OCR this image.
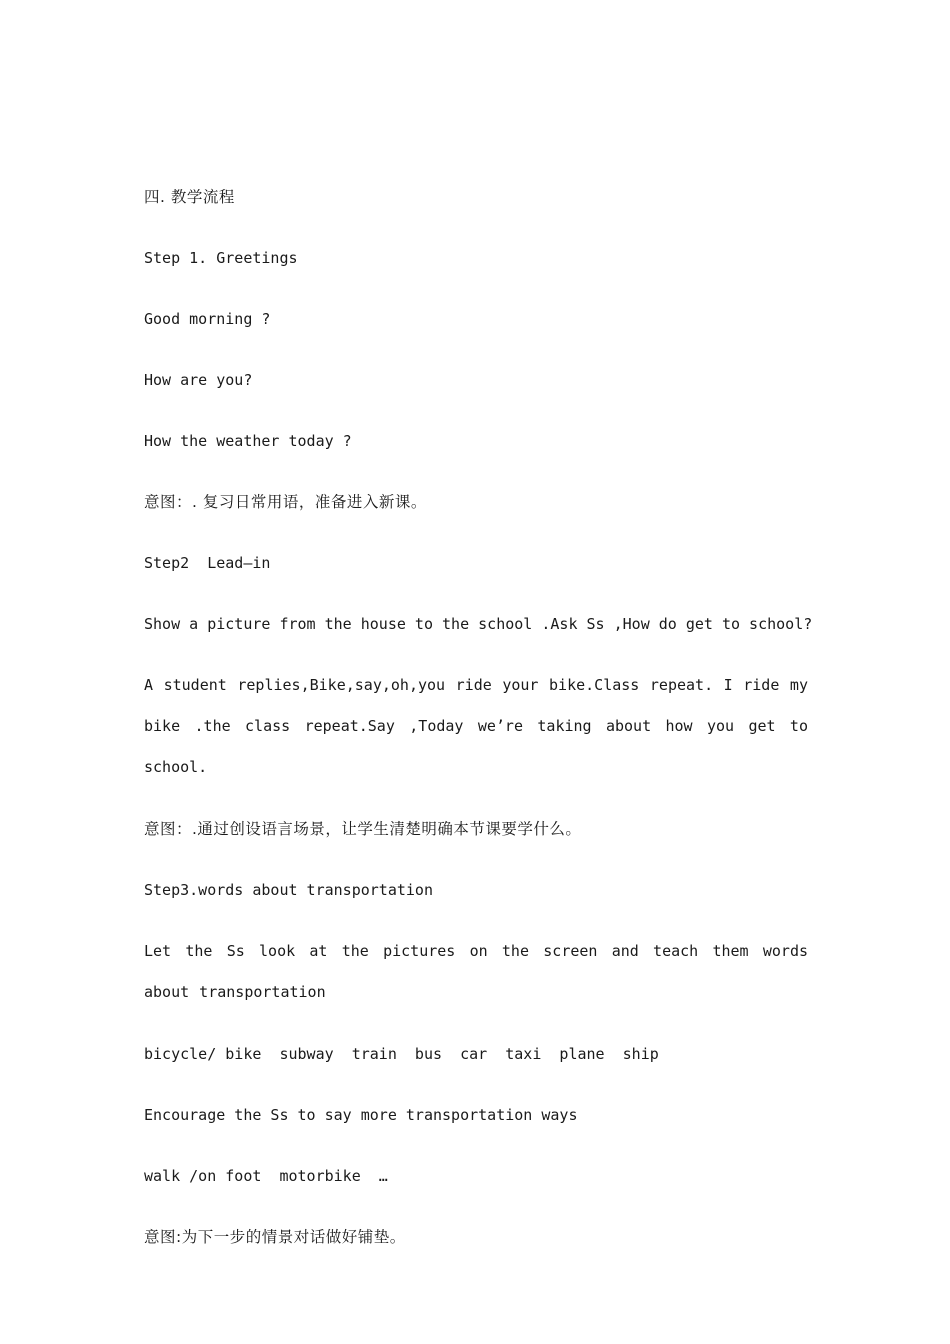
四. 教学流程

Step 1. Greetings

Good morning ?

How are you?

How the weather today ?

意图：. 复习日常用语，准备进入新课。

Step2  Lead—in

Show a picture from the house to the school .Ask Ss ,How do get to school?

A student replies,Bike,say,oh,you ride your bike.Class repeat. I ride my bike .the class repeat.Say ,Today we’re taking about how you get to school.

意图：.通过创设语言场景，让学生清楚明确本节课要学什么。

Step3.words about transportation

Let the Ss look at the pictures on the screen and teach them words about transportation

bicycle/ bike  subway  train  bus  car  taxi  plane  ship

Encourage the Ss to say more transportation ways

walk /on foot  motorbike  …

意图:为下一步的情景对话做好铺垫。
